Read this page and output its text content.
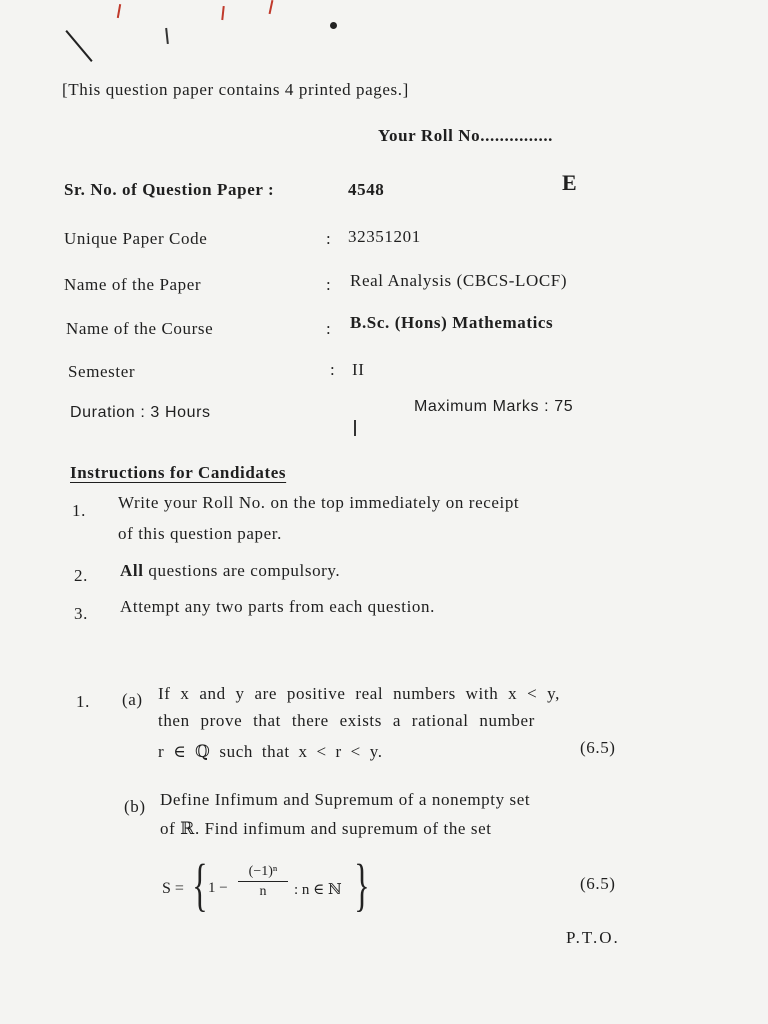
[This question paper contains 4 printed pages.]
Your Roll No...............
E
Sr. No. of Question Paper :	4548
Unique Paper Code	: 32351201
Name of the Paper	: Real Analysis (CBCS-LOCF)
Name of the Course	: B.Sc. (Hons) Mathematics
Semester	: II
Duration : 3 Hours	Maximum Marks : 75
Instructions for Candidates
1. Write your Roll No. on the top immediately on receipt
of this question paper.
2. All questions are compulsory.
3. Attempt any two parts from each question.
1. (a) If x and y are positive real numbers with x < y,
then prove that there exists a rational number
r ∈ ℚ such that x < r < y.	(6.5)
(b) Define Infimum and Supremum of a nonempty set
of ℝ. Find infimum and supremum of the set
S = { $1 - \frac{\text{(−1)ⁿ}}{n}$ : n ∈ ℕ }	(6.5)
P.T.O.
